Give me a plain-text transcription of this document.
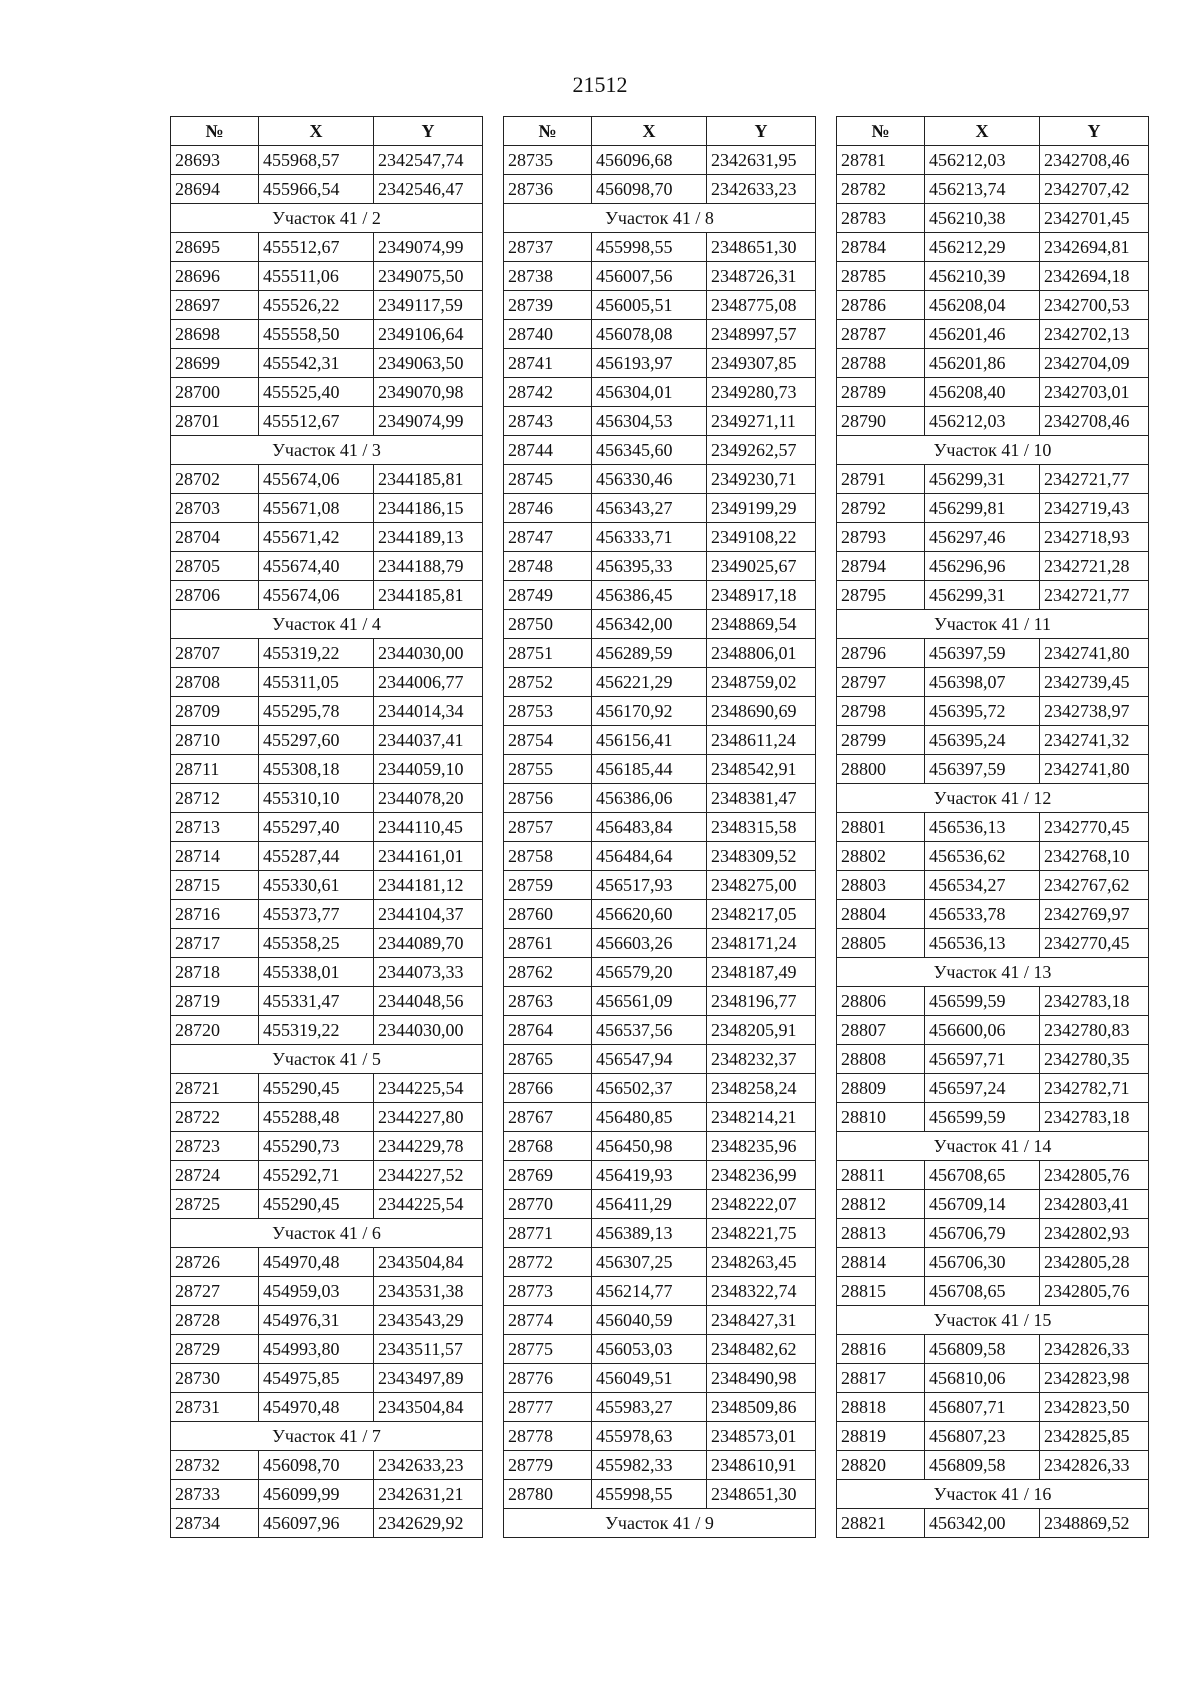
21512
№	X	Y
28693	455968,57	2342547,74
28694	455966,54	2342546,47
Участок 41 / 2		
28695	455512,67	2349074,99
28696	455511,06	2349075,50
28697	455526,22	2349117,59
28698	455558,50	2349106,64
28699	455542,31	2349063,50
28700	455525,40	2349070,98
28701	455512,67	2349074,99
Участок 41 / 3		
28702	455674,06	2344185,81
28703	455671,08	2344186,15
28704	455671,42	2344189,13
28705	455674,40	2344188,79
28706	455674,06	2344185,81
Участок 41 / 4		
28707	455319,22	2344030,00
28708	455311,05	2344006,77
28709	455295,78	2344014,34
28710	455297,60	2344037,41
28711	455308,18	2344059,10
28712	455310,10	2344078,20
28713	455297,40	2344110,45
28714	455287,44	2344161,01
28715	455330,61	2344181,12
28716	455373,77	2344104,37
28717	455358,25	2344089,70
28718	455338,01	2344073,33
28719	455331,47	2344048,56
28720	455319,22	2344030,00
Участок 41 / 5		
28721	455290,45	2344225,54
28722	455288,48	2344227,80
28723	455290,73	2344229,78
28724	455292,71	2344227,52
28725	455290,45	2344225,54
Участок 41 / 6		
28726	454970,48	2343504,84
28727	454959,03	2343531,38
28728	454976,31	2343543,29
28729	454993,80	2343511,57
28730	454975,85	2343497,89
28731	454970,48	2343504,84
Участок 41 / 7		
28732	456098,70	2342633,23
28733	456099,99	2342631,21
28734	456097,96	2342629,92
№	X	Y
28735	456096,68	2342631,95
28736	456098,70	2342633,23
Участок 41 / 8		
28737	455998,55	2348651,30
28738	456007,56	2348726,31
28739	456005,51	2348775,08
28740	456078,08	2348997,57
28741	456193,97	2349307,85
28742	456304,01	2349280,73
28743	456304,53	2349271,11
28744	456345,60	2349262,57
28745	456330,46	2349230,71
28746	456343,27	2349199,29
28747	456333,71	2349108,22
28748	456395,33	2349025,67
28749	456386,45	2348917,18
28750	456342,00	2348869,54
28751	456289,59	2348806,01
28752	456221,29	2348759,02
28753	456170,92	2348690,69
28754	456156,41	2348611,24
28755	456185,44	2348542,91
28756	456386,06	2348381,47
28757	456483,84	2348315,58
28758	456484,64	2348309,52
28759	456517,93	2348275,00
28760	456620,60	2348217,05
28761	456603,26	2348171,24
28762	456579,20	2348187,49
28763	456561,09	2348196,77
28764	456537,56	2348205,91
28765	456547,94	2348232,37
28766	456502,37	2348258,24
28767	456480,85	2348214,21
28768	456450,98	2348235,96
28769	456419,93	2348236,99
28770	456411,29	2348222,07
28771	456389,13	2348221,75
28772	456307,25	2348263,45
28773	456214,77	2348322,74
28774	456040,59	2348427,31
28775	456053,03	2348482,62
28776	456049,51	2348490,98
28777	455983,27	2348509,86
28778	455978,63	2348573,01
28779	455982,33	2348610,91
28780	455998,55	2348651,30
Участок 41 / 9		
№	X	Y
28781	456212,03	2342708,46
28782	456213,74	2342707,42
28783	456210,38	2342701,45
28784	456212,29	2342694,81
28785	456210,39	2342694,18
28786	456208,04	2342700,53
28787	456201,46	2342702,13
28788	456201,86	2342704,09
28789	456208,40	2342703,01
28790	456212,03	2342708,46
Участок 41 / 10		
28791	456299,31	2342721,77
28792	456299,81	2342719,43
28793	456297,46	2342718,93
28794	456296,96	2342721,28
28795	456299,31	2342721,77
Участок 41 / 11		
28796	456397,59	2342741,80
28797	456398,07	2342739,45
28798	456395,72	2342738,97
28799	456395,24	2342741,32
28800	456397,59	2342741,80
Участок 41 / 12		
28801	456536,13	2342770,45
28802	456536,62	2342768,10
28803	456534,27	2342767,62
28804	456533,78	2342769,97
28805	456536,13	2342770,45
Участок 41 / 13		
28806	456599,59	2342783,18
28807	456600,06	2342780,83
28808	456597,71	2342780,35
28809	456597,24	2342782,71
28810	456599,59	2342783,18
Участок 41 / 14		
28811	456708,65	2342805,76
28812	456709,14	2342803,41
28813	456706,79	2342802,93
28814	456706,30	2342805,28
28815	456708,65	2342805,76
Участок 41 / 15		
28816	456809,58	2342826,33
28817	456810,06	2342823,98
28818	456807,71	2342823,50
28819	456807,23	2342825,85
28820	456809,58	2342826,33
Участок 41 / 16		
28821	456342,00	2348869,52
